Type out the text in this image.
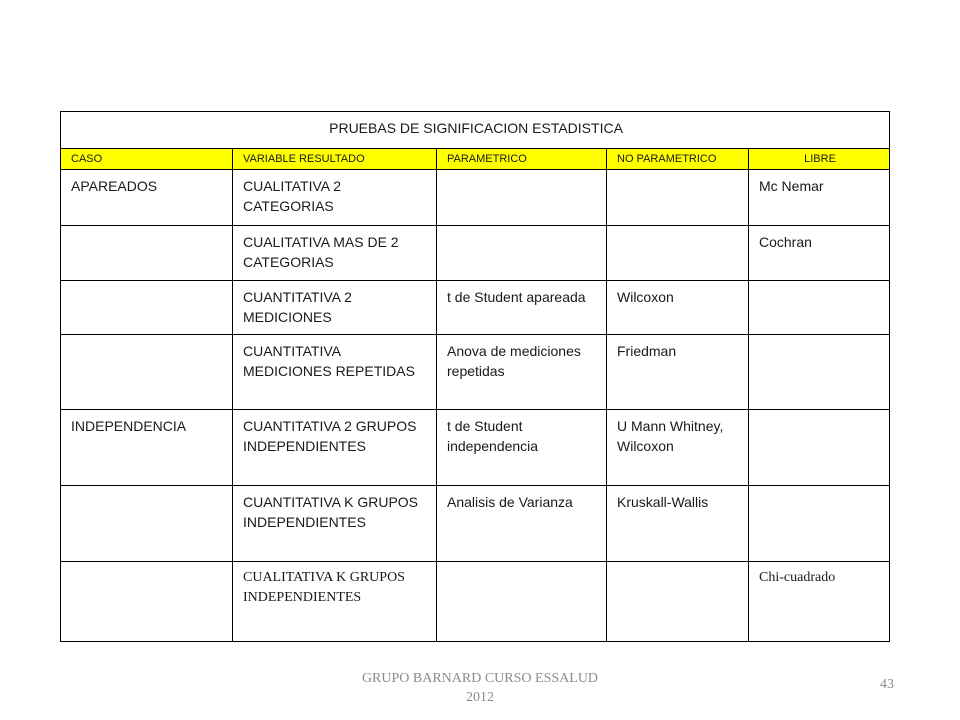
PRUEBAS DE SIGNIFICACION ESTADISTICA				
CASO	VARIABLE RESULTADO	PARAMETRICO	NO PARAMETRICO	LIBRE
APAREADOS	CUALITATIVA 2 CATEGORIAS			Mc Nemar
	CUALITATIVA MAS DE 2 CATEGORIAS			Cochran
	CUANTITATIVA 2 MEDICIONES	t de Student apareada	Wilcoxon	
	CUANTITATIVA MEDICIONES REPETIDAS	Anova de mediciones repetidas	Friedman	
INDEPENDENCIA	CUANTITATIVA 2 GRUPOS INDEPENDIENTES	t de Student independencia	U Mann Whitney, Wilcoxon	
	CUANTITATIVA K GRUPOS INDEPENDIENTES	Analisis de Varianza	Kruskall-Wallis	
	CUALITATIVA K GRUPOS INDEPENDIENTES			Chi-cuadrado
GRUPO BARNARD CURSO ESSALUD
2012
43
